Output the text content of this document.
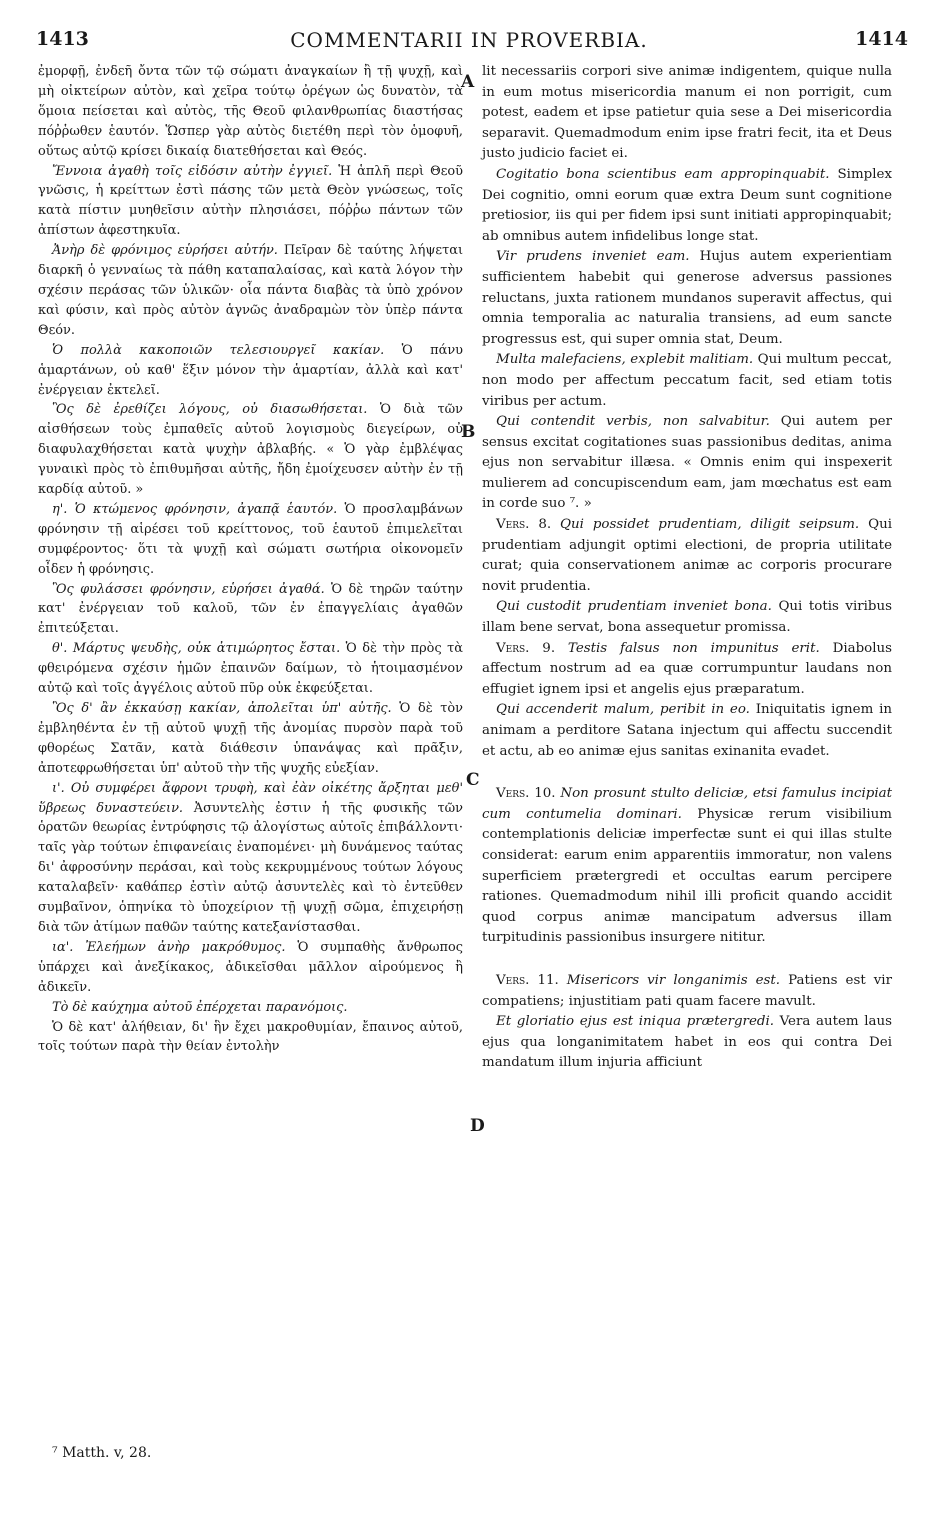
1413	COMMENTARII IN PROVERBIA.	1414

ἐμορφῇ, ἐνδεῆ ὄντα τῶν τῷ σώματι ἀναγκαίων ἢ τῇ ψυχῇ, καὶ μὴ οἰκτείρων αὐτὸν, καὶ χεῖρα τούτῳ ὀρέγων ὡς δυνατὸν, τὰ ὅμοια πείσεται καὶ αὐτὸς, τῆς Θεοῦ φιλανθρωπίας διαστήσας πόῤῥωθεν ἑαυτόν. Ὥσπερ γὰρ αὐτὸς διετέθη περὶ τὸν ὁμοφυῆ, οὕτως αὐτῷ κρίσει δικαίᾳ διατεθήσεται καὶ Θεός.

Ἔννοια ἀγαθὴ τοῖς εἰδόσιν αὐτὴν ἐγγιεῖ. Ἡ ἁπλῆ περὶ Θεοῦ γνῶσις, ἡ κρείττων ἐστὶ πάσης τῶν μετὰ Θεὸν γνώσεως, τοῖς κατὰ πίστιν μυηθεῖσιν αὐτὴν πλησιάσει, πόῤῥω πάντων τῶν ἀπίστων ἀφεστηκυῖα.

Ἀνὴρ δὲ φρόνιμος εὑρήσει αὐτήν. Πεῖραν δὲ ταύτης λήψεται διαρκῆ ὁ γενναίως τὰ πάθη καταπαλαίσας, καὶ κατὰ λόγον τὴν σχέσιν περάσας τῶν ὑλικῶν· οἷα πάντα διαβὰς τὰ ὑπὸ χρόνον καὶ φύσιν, καὶ πρὸς αὐτὸν ἁγνῶς ἀναδραμὼν τὸν ὑπὲρ πάντα Θεόν.

Ὁ πολλὰ κακοποιῶν τελεσιουργεῖ κακίαν. Ὁ πάνυ ἁμαρτάνων, οὐ καθ' ἕξιν μόνον τὴν ἁμαρτίαν, ἀλλὰ καὶ κατ' ἐνέργειαν ἐκτελεῖ.

Ὃς δὲ ἐρεθίζει λόγους, οὐ διασωθήσεται. Ὁ διὰ τῶν αἰσθήσεων τοὺς ἐμπαθεῖς αὐτοῦ λογισμοὺς διεγείρων, οὐ διαφυλαχθήσεται κατὰ ψυχὴν ἀβλαβής. « Ὁ γὰρ ἐμβλέψας γυναικὶ πρὸς τὸ ἐπιθυμῆσαι αὐτῆς, ἤδη ἐμοίχευσεν αὐτὴν ἐν τῇ καρδίᾳ αὐτοῦ. »

η'. Ὁ κτώμενος φρόνησιν, ἀγαπᾷ ἑαυτόν. Ὁ προσλαμβάνων φρόνησιν τῇ αἱρέσει τοῦ κρείττονος, τοῦ ἑαυτοῦ ἐπιμελεῖται συμφέροντος· ὅτι τὰ ψυχῇ καὶ σώματι σωτήρια οἰκονομεῖν οἶδεν ἡ φρόνησις.

Ὃς φυλάσσει φρόνησιν, εὑρήσει ἀγαθά. Ὁ δὲ τηρῶν ταύτην κατ' ἐνέργειαν τοῦ καλοῦ, τῶν ἐν ἐπαγγελίαις ἀγαθῶν ἐπιτεύξεται.

θ'. Μάρτυς ψευδὴς, οὐκ ἀτιμώρητος ἔσται. Ὁ δὲ τὴν πρὸς τὰ φθειρόμενα σχέσιν ἡμῶν ἐπαινῶν δαίμων, τὸ ἡτοιμασμένον αὐτῷ καὶ τοῖς ἀγγέλοις αὐτοῦ πῦρ οὐκ ἐκφεύξεται.

Ὃς δ' ἂν ἐκκαύσῃ κακίαν, ἀπολεῖται ὑπ' αὐτῆς. Ὁ δὲ τὸν ἐμβληθέντα ἐν τῇ αὐτοῦ ψυχῇ τῆς ἀνομίας πυρσὸν παρὰ τοῦ φθορέως Σατᾶν, κατὰ διάθεσιν ὑπανάψας καὶ πρᾶξιν, ἀποτεφρωθήσεται ὑπ' αὐτοῦ τὴν τῆς ψυχῆς εὐεξίαν.

ι'. Οὐ συμφέρει ἄφρονι τρυφὴ, καὶ ἐὰν οἰκέτης ἄρξηται μεθ' ὕβρεως δυναστεύειν. Ἀσυντελὴς ἐστιν ἡ τῆς φυσικῆς τῶν ὁρατῶν θεωρίας ἐντρύφησις τῷ ἀλογίστως αὐτοῖς ἐπιβάλλοντι· ταῖς γὰρ τούτων ἐπιφανείαις ἐναπομένει· μὴ δυνάμενος ταύτας δι' ἀφροσύνην περάσαι, καὶ τοὺς κεκρυμμένους τούτων λόγους καταλαβεῖν· καθάπερ ἐστὶν αὐτῷ ἀσυντελὲς καὶ τὸ ἐντεῦθεν συμβαῖνον, ὁπηνίκα τὸ ὑποχείριον τῇ ψυχῇ σῶμα, ἐπιχειρήσῃ διὰ τῶν ἀτίμων παθῶν ταύτης κατεξανίστασθαι.

ια'. Ἐλεήμων ἀνὴρ μακρόθυμος. Ὁ συμπαθὴς ἄνθρωπος ὑπάρχει καὶ ἀνεξίκακος, ἀδικεῖσθαι μᾶλλον αἱρούμενος ἢ ἀδικεῖν.

Τὸ δὲ καύχημα αὐτοῦ ἐπέρχεται παρανόμοις.

Ὁ δὲ κατ' ἀλήθειαν, δι' ἣν ἔχει μακροθυμίαν, ἔπαινος αὐτοῦ, τοῖς τούτων παρὰ τὴν θείαν ἐντολὴν

A
B
C
D

lit necessariis corpori sive animæ indigentem, quique nulla in eum motus misericordia manum ei non porrigit, cum potest, eadem et ipse patietur quia sese a Dei misericordia separavit. Quemadmodum enim ipse fratri fecit, ita et Deus justo judicio faciet ei.

Cogitatio bona scientibus eam appropinquabit. Simplex Dei cognitio, omni eorum quæ extra Deum sunt cognitione pretiosior, iis qui per fidem ipsi sunt initiati appropinquabit; ab omnibus autem infidelibus longe stat.

Vir prudens inveniet eam. Hujus autem experientiam sufficientem habebit qui generose adversus passiones reluctans, juxta rationem mundanos superavit affectus, qui omnia temporalia ac naturalia transiens, ad eum sancte progressus est, qui super omnia stat, Deum.

Multa malefaciens, explebit malitiam. Qui multum peccat, non modo per affectum peccatum facit, sed etiam totis viribus per actum.

Qui contendit verbis, non salvabitur. Qui autem per sensus excitat cogitationes suas passionibus deditas, anima ejus non servabitur illæsa. « Omnis enim qui inspexerit mulierem ad concupiscendum eam, jam mœchatus est eam in corde suo ⁷. »

Vers. 8. Qui possidet prudentiam, diligit seipsum. Qui prudentiam adjungit optimi electioni, de propria utilitate curat; quia conservationem animæ ac corporis procurare novit prudentia.

Qui custodit prudentiam inveniet bona. Qui totis viribus illam bene servat, bona assequetur promissa.

Vers. 9. Testis falsus non impunitus erit. Diabolus affectum nostrum ad ea quæ corrumpuntur laudans non effugiet ignem ipsi et angelis ejus præparatum.

Qui accenderit malum, peribit in eo. Iniquitatis ignem in animam a perditore Satana injectum qui affectu succendit et actu, ab eo animæ ejus sanitas exinanita evadet.

Vers. 10. Non prosunt stulto deliciæ, etsi famulus incipiat cum contumelia dominari. Physicæ rerum visibilium contemplationis deliciæ imperfectæ sunt ei qui illas stulte considerat: earum enim apparentiis immoratur, non valens superficiem prætergredi et occultas earum percipere rationes. Quemadmodum nihil illi proficit quando accidit quod corpus animæ mancipatum adversus illam turpitudinis passionibus insurgere nititur.

Vers. 11. Misericors vir longanimis est. Patiens est vir compatiens; injustitiam pati quam facere mavult.

Et gloriatio ejus est iniqua prætergredi. Vera autem laus ejus qua longanimitatem habet in eos qui contra Dei mandatum illum injuria afficiunt

⁷ Matth. v, 28.
